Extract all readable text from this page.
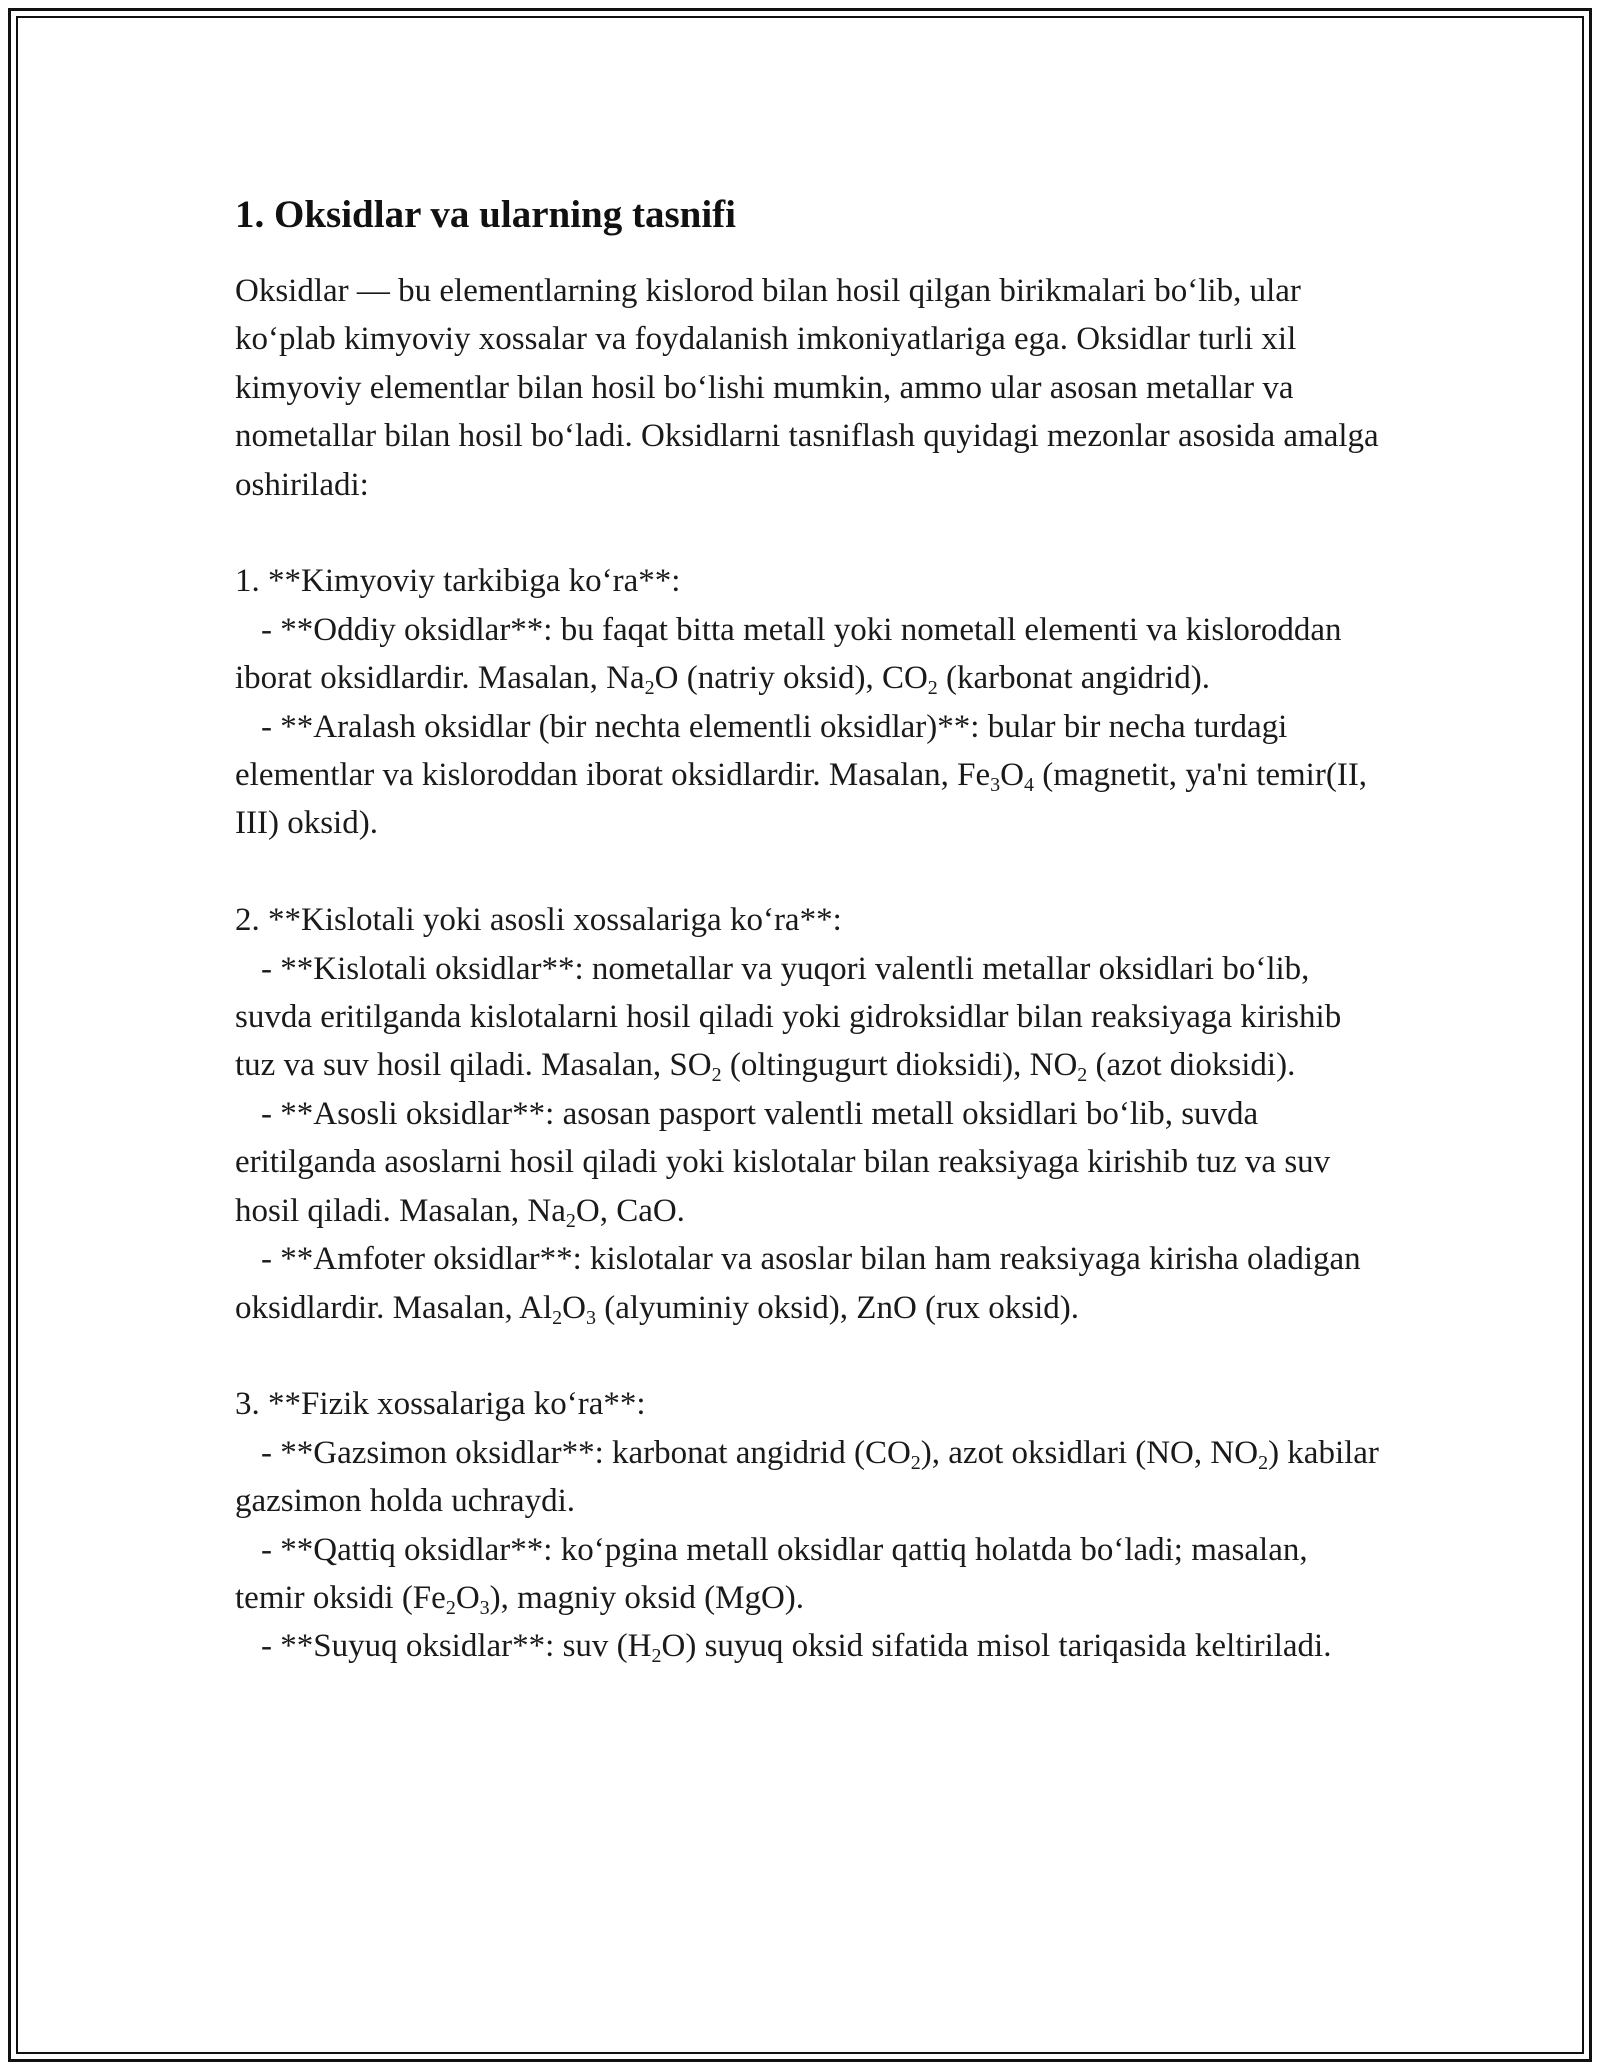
1. Oksidlar va ularning tasnifi

Oksidlar — bu elementlarning kislorod bilan hosil qilgan birikmalari bo‘lib, ular ko‘plab kimyoviy xossalar va foydalanish imkoniyatlariga ega. Oksidlar turli xil kimyoviy elementlar bilan hosil bo‘lishi mumkin, ammo ular asosan metallar va nometallar bilan hosil bo‘ladi. Oksidlarni tasniflash quyidagi mezonlar asosida amalga oshiriladi:

1. **Kimyoviy tarkibiga ko‘ra**:

- **Oddiy oksidlar**: bu faqat bitta metall yoki nometall elementi va kisloroddan iborat oksidlardir. Masalan, $Na_2O$ (natriy oksid), $CO_2$ (karbonat angidrid).

- **Aralash oksidlar (bir nechta elementli oksidlar)**: bular bir necha turdagi elementlar va kisloroddan iborat oksidlardir. Masalan, $Fe_3O_4$ (magnetit, ya'ni temir(II, III) oksid).

2. **Kislotali yoki asosli xossalariga ko‘ra**:

- **Kislotali oksidlar**: nometallar va yuqori valentli metallar oksidlari bo‘lib, suvda eritilganda kislotalarni hosil qiladi yoki gidroksidlar bilan reaksiyaga kirishib tuz va suv hosil qiladi. Masalan, $SO_2$ (oltingugurt dioksidi), $NO_2$ (azot dioksidi).

- **Asosli oksidlar**: asosan pasport valentli metall oksidlari bo‘lib, suvda eritilganda asoslarni hosil qiladi yoki kislotalar bilan reaksiyaga kirishib tuz va suv hosil qiladi. Masalan, $Na_2O$, CaO.

- **Amfoter oksidlar**: kislotalar va asoslar bilan ham reaksiyaga kirisha oladigan oksidlardir. Masalan, $Al_2O_3$ (alyuminiy oksid), ZnO (rux oksid).

3. **Fizik xossalariga ko‘ra**:

- **Gazsimon oksidlar**: karbonat angidrid $(CO_2)$, azot oksidlari (NO, $NO_2$) kabilar gazsimon holda uchraydi.

- **Qattiq oksidlar**: ko‘pgina metall oksidlar qattiq holatda bo‘ladi; masalan, temir oksidi $(Fe_2O_3)$, magniy oksid (MgO).

- **Suyuq oksidlar**: suv $(H_2O)$ suyuq oksid sifatida misol tariqasida keltiriladi.
